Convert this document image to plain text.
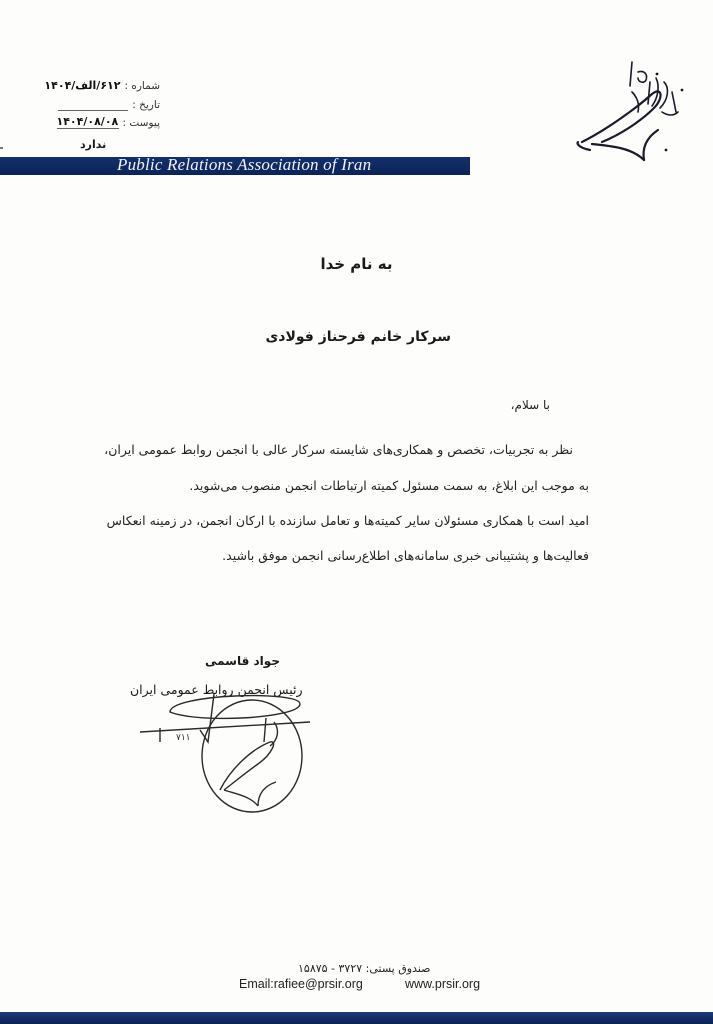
شماره :
۶۱۲/الف/۱۴۰۴
تاریخ :
پیوست :
۱۴۰۴/۰۸/۰۸
ندارد
Public Relations Association of Iran
به نام خدا
سرکار خانم فرحناز فولادی
با سلام،
نظر به تجربیات، تخصص و همکاری‌های شایسته سرکار عالی با انجمن روابط عمومی ایران،
به موجب این ابلاغ، به سمت مسئول کمیته ارتباطات انجمن منصوب می‌شوید.
امید است با همکاری مسئولان سایر کمیته‌ها و تعامل سازنده با ارکان انجمن، در زمینه انعکاس
فعالیت‌ها و پشتیبانی خبری سامانه‌های اطلاع‌رسانی انجمن موفق باشید.
جواد قاسمی
رئیس انجمن روابط عمومی ایران
٧١١
صندوق پستی: ۳۷۲۷ - ۱۵۸۷۵
Email:rafiee@prsir.org	www.prsir.org
